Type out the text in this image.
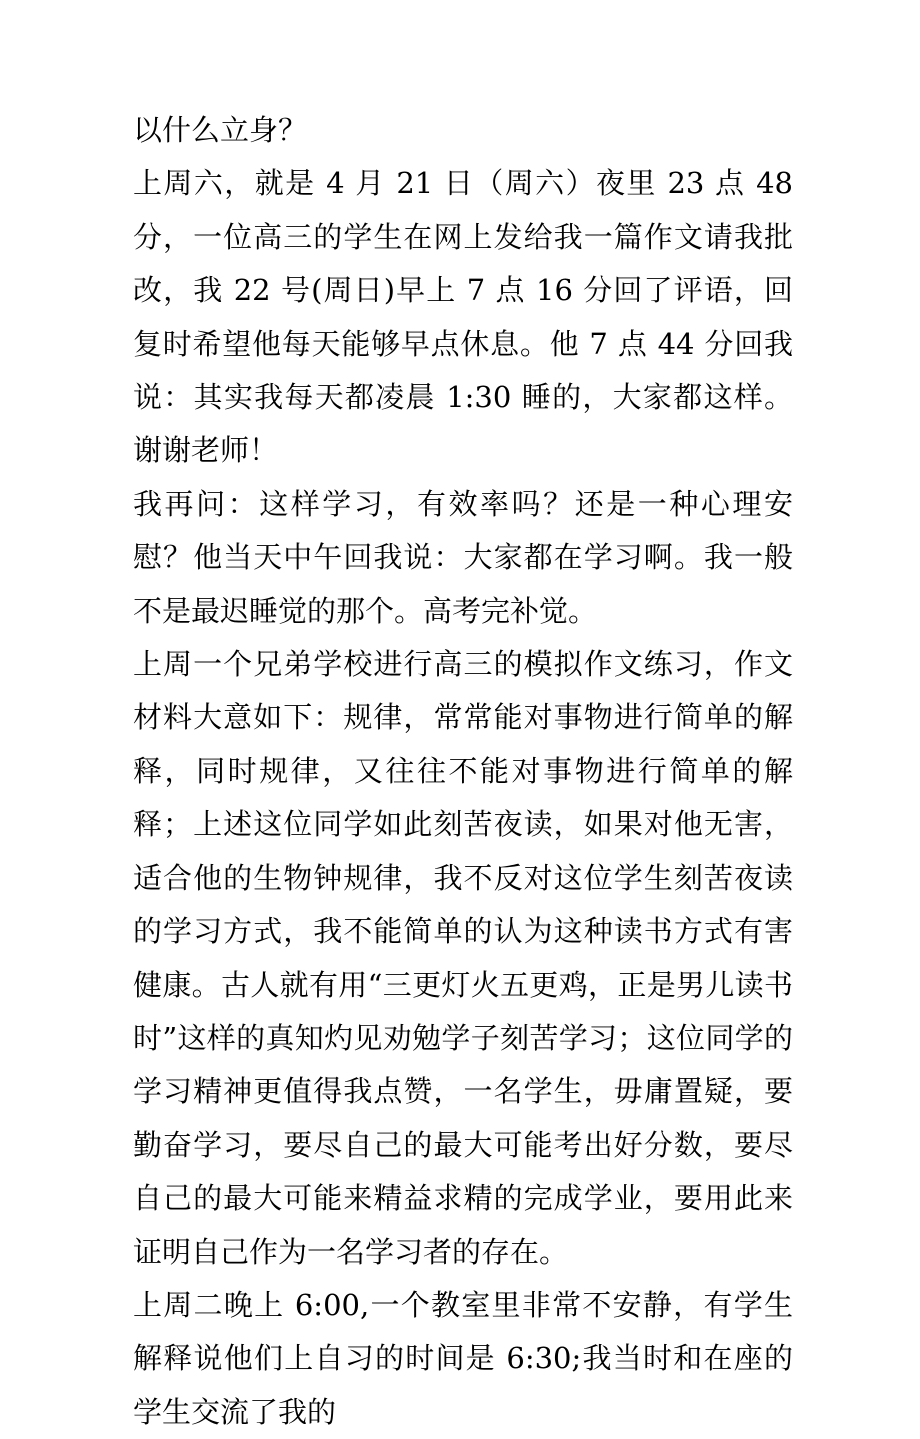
以什么立身？

上周六，就是 4 月 21 日（周六）夜里 23 点 48 分，一位高三的学生在网上发给我一篇作文请我批改，我 22 号(周日)早上 7 点 16 分回了评语，回复时希望他每天能够早点休息。他 7 点 44 分回我说：其实我每天都凌晨 1:30 睡的，大家都这样。谢谢老师！

我再问：这样学习，有效率吗？还是一种心理安慰？他当天中午回我说：大家都在学习啊。我一般不是最迟睡觉的那个。高考完补觉。

上周一个兄弟学校进行高三的模拟作文练习，作文材料大意如下：规律，常常能对事物进行简单的解释，同时规律，又往往不能对事物进行简单的解释；上述这位同学如此刻苦夜读，如果对他无害，适合他的生物钟规律，我不反对这位学生刻苦夜读的学习方式，我不能简单的认为这种读书方式有害健康。古人就有用“三更灯火五更鸡，正是男儿读书时”这样的真知灼见劝勉学子刻苦学习；这位同学的学习精神更值得我点赞，一名学生，毋庸置疑，要勤奋学习，要尽自己的最大可能考出好分数，要尽自己的最大可能来精益求精的完成学业，要用此来证明自己作为一名学习者的存在。

上周二晚上 6:00,一个教室里非常不安静，有学生解释说他们上自习的时间是 6:30;我当时和在座的学生交流了我的
